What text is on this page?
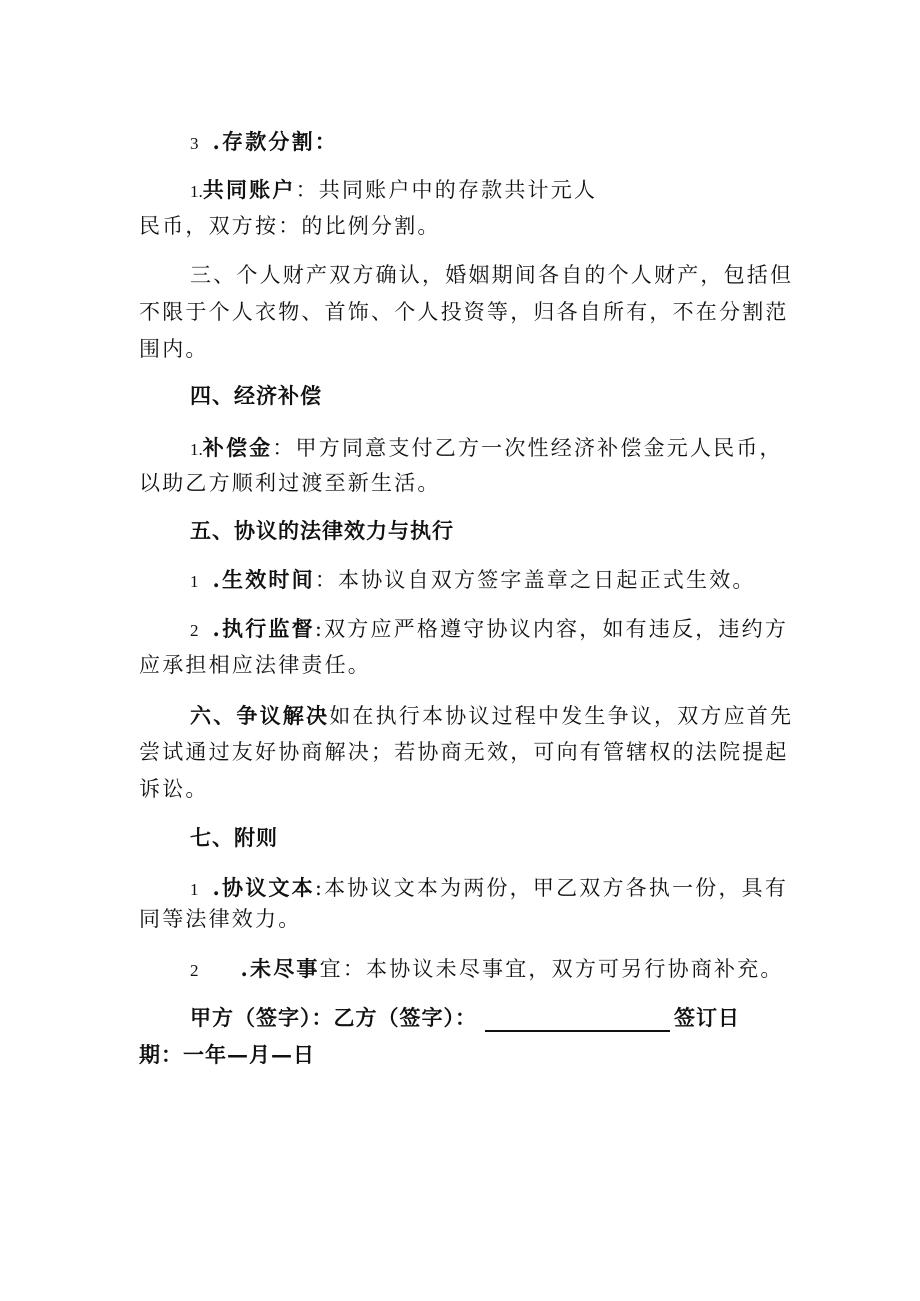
3 .存款分割：
1.共同账户：共同账户中的存款共计元人
民币，双方按：的比例分割。
三、个人财产双方确认，婚姻期间各自的个人财产，包括但
不限于个人衣物、首饰、个人投资等，归各自所有，不在分割范
围内。
四、经济补偿
1.补偿金：甲方同意支付乙方一次性经济补偿金元人民币，
以助乙方顺利过渡至新生活。
五、协议的法律效力与执行
1 .生效时间：本协议自双方签字盖章之日起正式生效。
2 .执行监督:双方应严格遵守协议内容，如有违反，违约方
应承担相应法律责任。
六、争议解决如在执行本协议过程中发生争议，双方应首先
尝试通过友好协商解决；若协商无效，可向有管辖权的法院提起
诉讼。
七、附则
1 .协议文本:本协议文本为两份，甲乙双方各执一份，具有
同等法律效力。
2 .未尽事宜：本协议未尽事宜，双方可另行协商补充。
甲方（签字）：乙方（签字）：	签订日
期：一年—月—日
